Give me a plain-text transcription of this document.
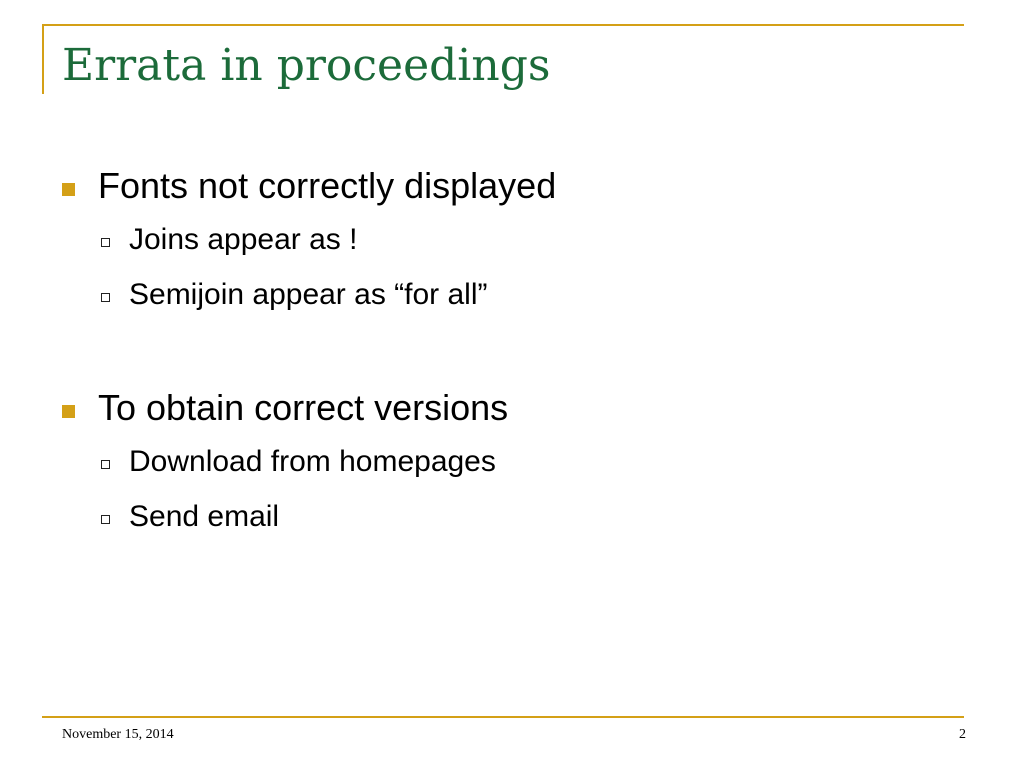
Errata in proceedings
Fonts not correctly displayed
Joins appear as !
Semijoin appear as “for all”
To obtain correct versions
Download from homepages
Send email
November 15, 2014	2
